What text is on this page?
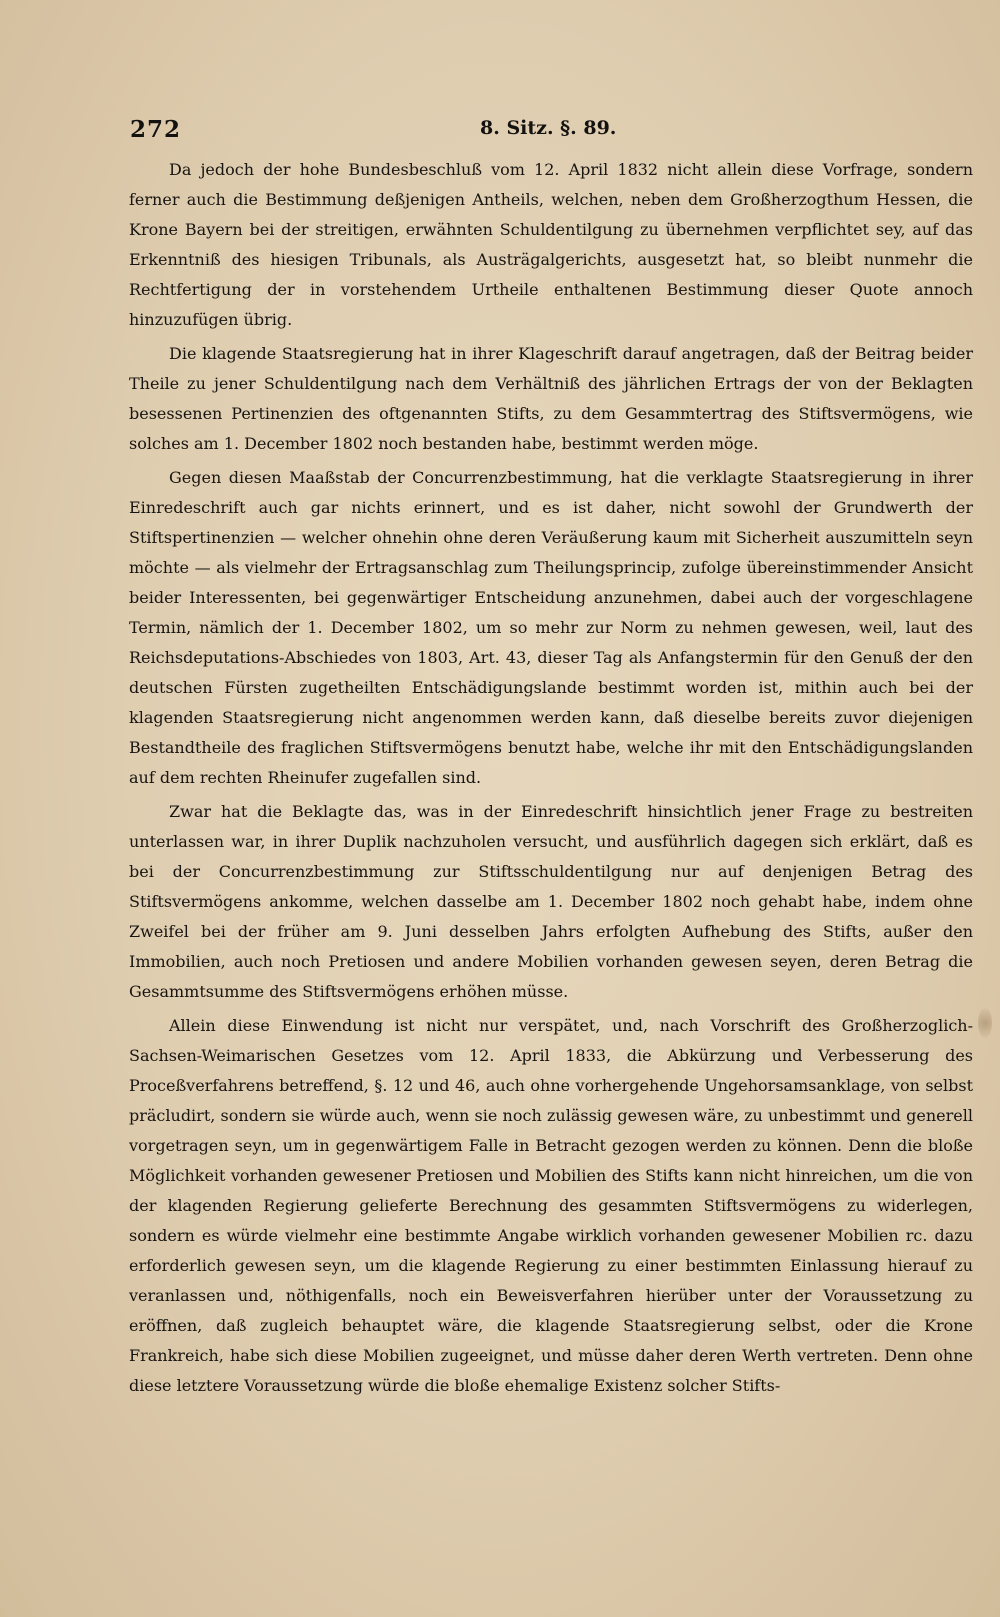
272	8. Sitz. §. 89.

Da jedoch der hohe Bundesbeschluß vom 12. April 1832 nicht allein diese Vorfrage, sondern ferner auch die Bestimmung deßjenigen Antheils, welchen, neben dem Großherzogthum Hessen, die Krone Bayern bei der streitigen, erwähnten Schuldentilgung zu übernehmen verpflichtet sey, auf das Erkenntniß des hiesigen Tribunals, als Austrägalgerichts, ausgesetzt hat, so bleibt nunmehr die Rechtfertigung der in vorstehendem Urtheile enthaltenen Bestimmung dieser Quote annoch hinzuzufügen übrig.

Die klagende Staatsregierung hat in ihrer Klageschrift darauf angetragen, daß der Beitrag beider Theile zu jener Schuldentilgung nach dem Verhältniß des jährlichen Ertrags der von der Beklagten besessenen Pertinenzien des oftgenannten Stifts, zu dem Gesammtertrag des Stiftsvermögens, wie solches am 1. December 1802 noch bestanden habe, bestimmt werden möge.

Gegen diesen Maaßstab der Concurrenzbestimmung, hat die verklagte Staatsregierung in ihrer Einredeschrift auch gar nichts erinnert, und es ist daher, nicht sowohl der Grundwerth der Stiftspertinenzien — welcher ohnehin ohne deren Veräußerung kaum mit Sicherheit auszumitteln seyn möchte — als vielmehr der Ertragsanschlag zum Theilungsprincip, zufolge übereinstimmender Ansicht beider Interessenten, bei gegenwärtiger Entscheidung anzunehmen, dabei auch der vorgeschlagene Termin, nämlich der 1. December 1802, um so mehr zur Norm zu nehmen gewesen, weil, laut des Reichsdeputations-Abschiedes von 1803, Art. 43, dieser Tag als Anfangstermin für den Genuß der den deutschen Fürsten zugetheilten Entschädigungslande bestimmt worden ist, mithin auch bei der klagenden Staatsregierung nicht angenommen werden kann, daß dieselbe bereits zuvor diejenigen Bestandtheile des fraglichen Stiftsvermögens benutzt habe, welche ihr mit den Entschädigungslanden auf dem rechten Rheinufer zugefallen sind.

Zwar hat die Beklagte das, was in der Einredeschrift hinsichtlich jener Frage zu bestreiten unterlassen war, in ihrer Duplik nachzuholen versucht, und ausführlich dagegen sich erklärt, daß es bei der Concurrenzbestimmung zur Stiftsschuldentilgung nur auf denjenigen Betrag des Stiftsvermögens ankomme, welchen dasselbe am 1. December 1802 noch gehabt habe, indem ohne Zweifel bei der früher am 9. Juni desselben Jahrs erfolgten Aufhebung des Stifts, außer den Immobilien, auch noch Pretiosen und andere Mobilien vorhanden gewesen seyen, deren Betrag die Gesammtsumme des Stiftsvermögens erhöhen müsse.

Allein diese Einwendung ist nicht nur verspätet, und, nach Vorschrift des Großherzoglich-Sachsen-Weimarischen Gesetzes vom 12. April 1833, die Abkürzung und Verbesserung des Proceßverfahrens betreffend, §. 12 und 46, auch ohne vorhergehende Ungehorsamsanklage, von selbst präcludirt, sondern sie würde auch, wenn sie noch zulässig gewesen wäre, zu unbestimmt und generell vorgetragen seyn, um in gegenwärtigem Falle in Betracht gezogen werden zu können. Denn die bloße Möglichkeit vorhanden gewesener Pretiosen und Mobilien des Stifts kann nicht hinreichen, um die von der klagenden Regierung gelieferte Berechnung des gesammten Stiftsvermögens zu widerlegen, sondern es würde vielmehr eine bestimmte Angabe wirklich vorhanden gewesener Mobilien rc. dazu erforderlich gewesen seyn, um die klagende Regierung zu einer bestimmten Einlassung hierauf zu veranlassen und, nöthigenfalls, noch ein Beweisverfahren hierüber unter der Voraussetzung zu eröffnen, daß zugleich behauptet wäre, die klagende Staatsregierung selbst, oder die Krone Frankreich, habe sich diese Mobilien zugeeignet, und müsse daher deren Werth vertreten. Denn ohne diese letztere Voraussetzung würde die bloße ehemalige Existenz solcher Stifts-
